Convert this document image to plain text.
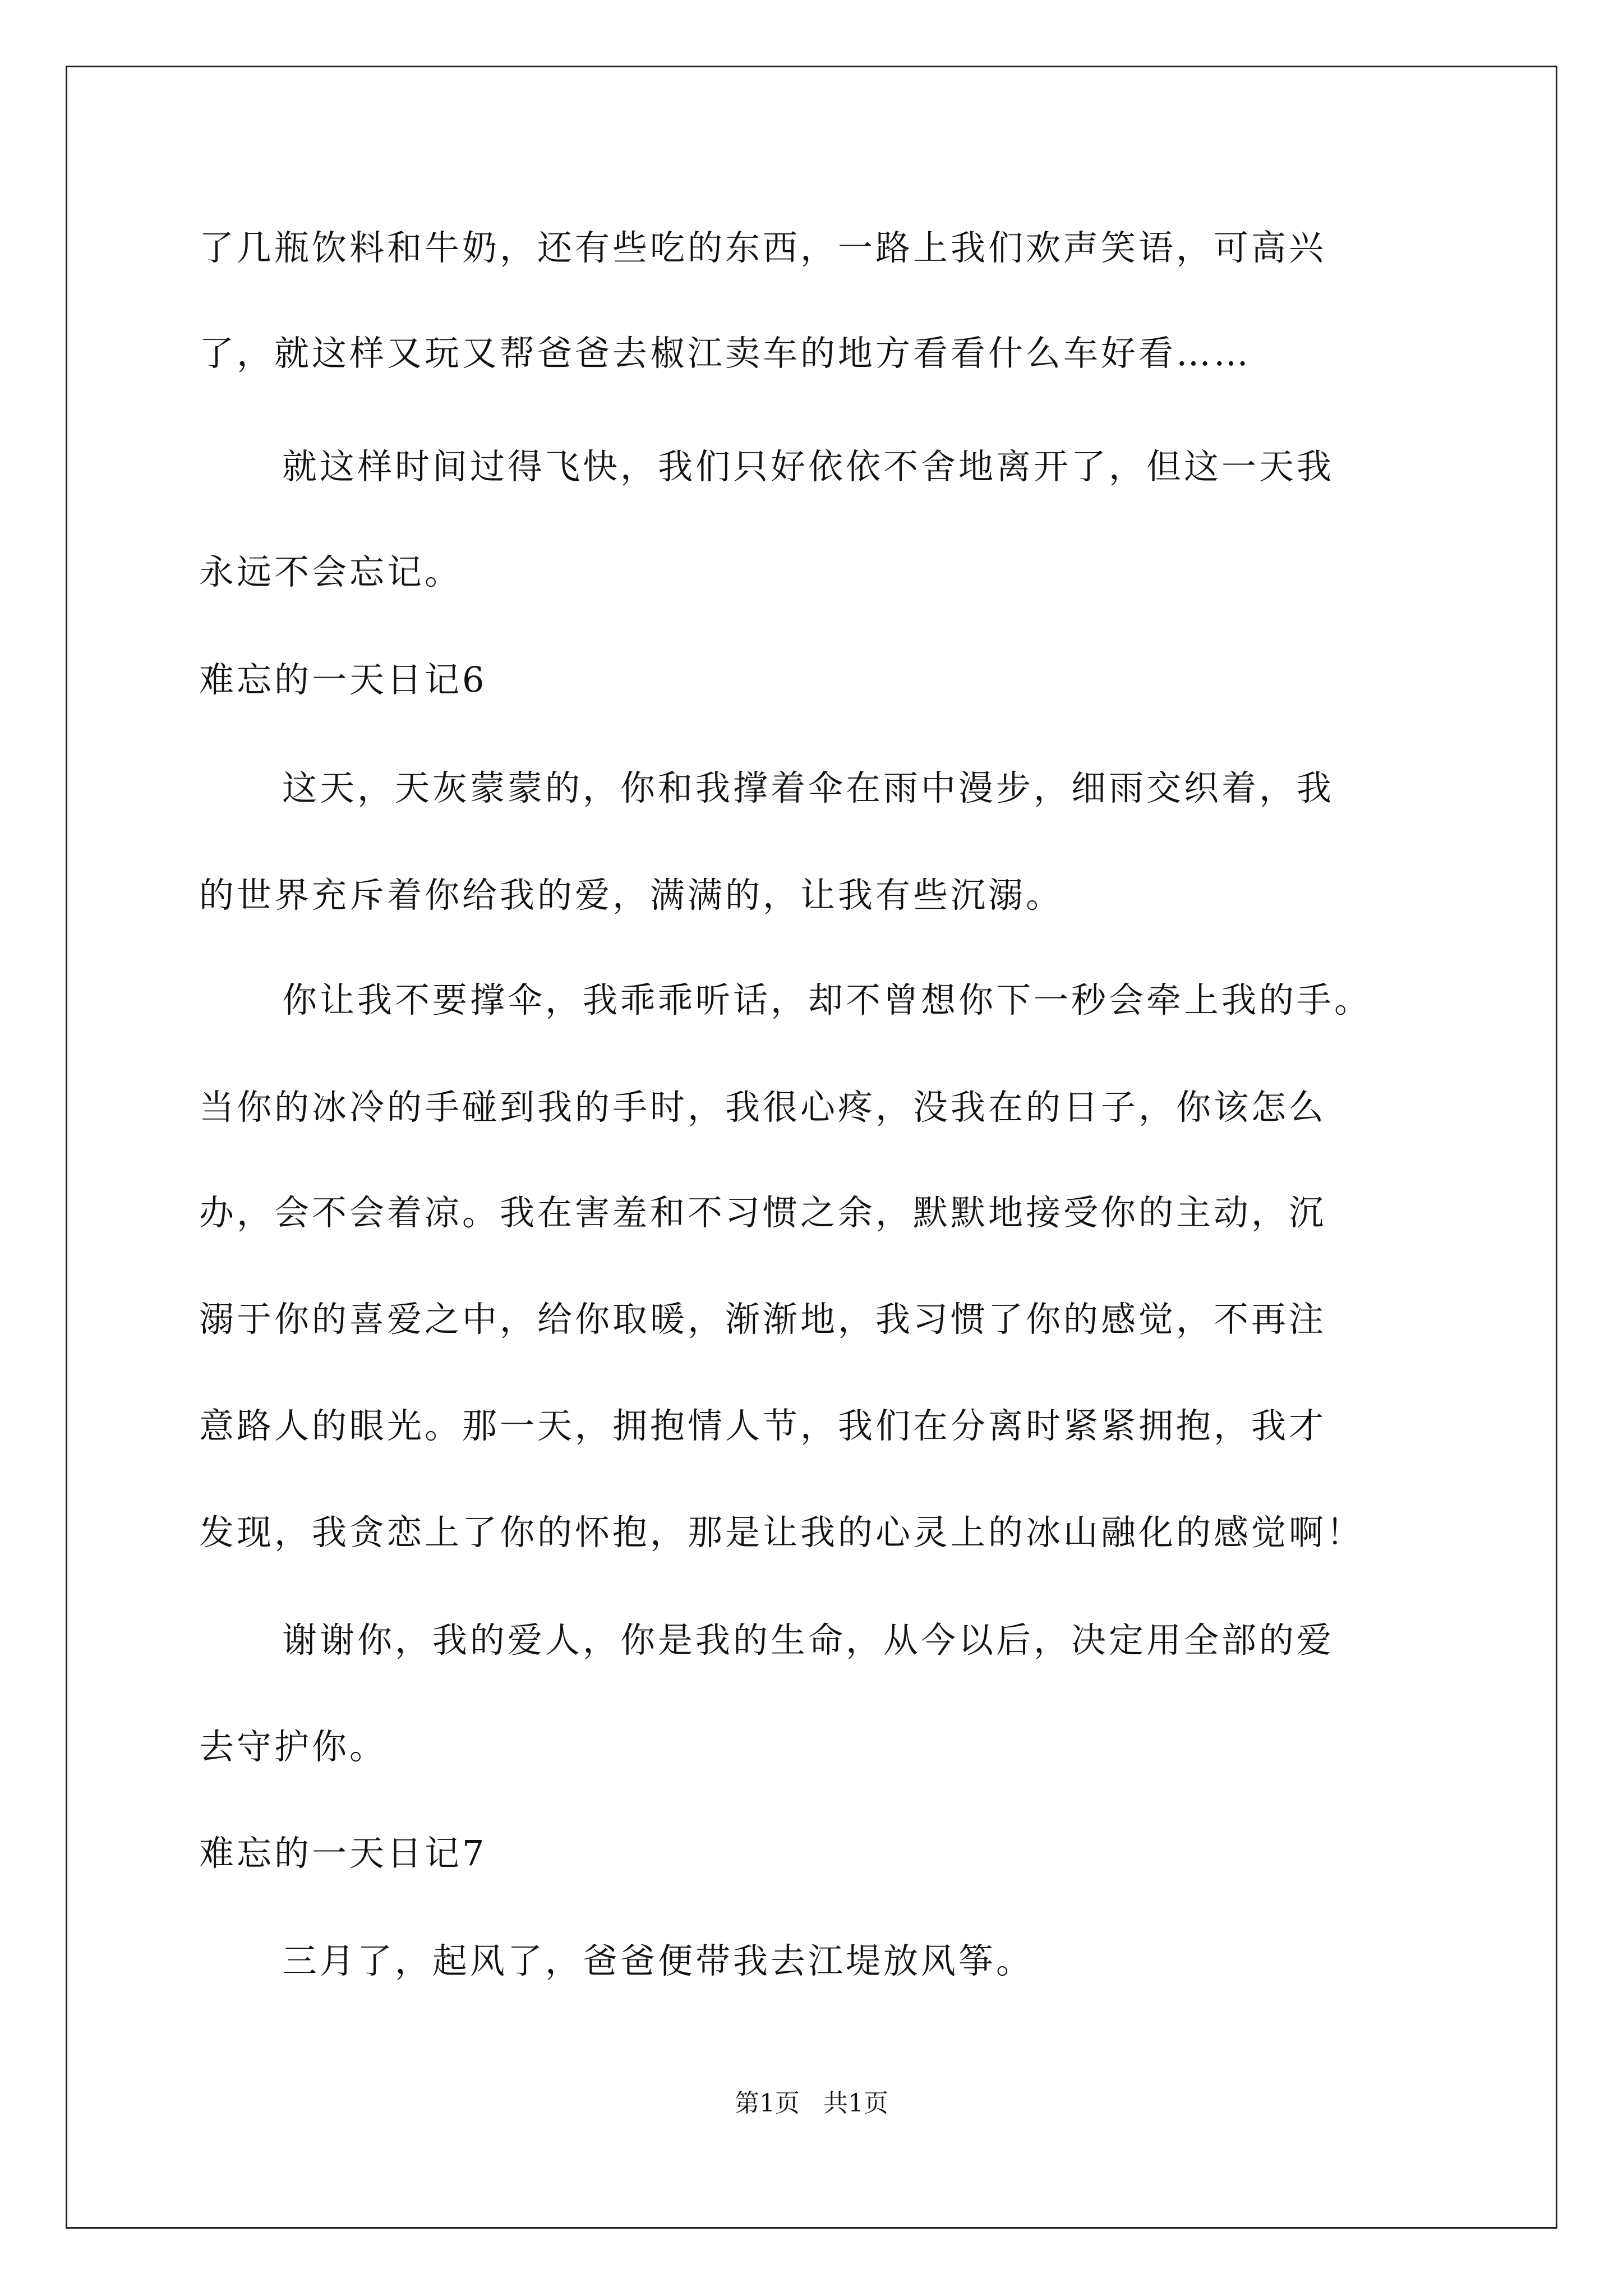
了几瓶饮料和牛奶，还有些吃的东西，一路上我们欢声笑语，可高兴

了，就这样又玩又帮爸爸去椒江卖车的地方看看什么车好看……

就这样时间过得飞快，我们只好依依不舍地离开了，但这一天我

永远不会忘记。

难忘的一天日记6

这天，天灰蒙蒙的，你和我撑着伞在雨中漫步，细雨交织着，我

的世界充斥着你给我的爱，满满的，让我有些沉溺。

你让我不要撑伞，我乖乖听话，却不曾想你下一秒会牵上我的手。

当你的冰冷的手碰到我的手时，我很心疼，没我在的日子，你该怎么

办，会不会着凉。我在害羞和不习惯之余，默默地接受你的主动，沉

溺于你的喜爱之中，给你取暖，渐渐地，我习惯了你的感觉，不再注

意路人的眼光。那一天，拥抱情人节，我们在分离时紧紧拥抱，我才

发现，我贪恋上了你的怀抱，那是让我的心灵上的冰山融化的感觉啊！

谢谢你，我的爱人，你是我的生命，从今以后，决定用全部的爱

去守护你。

难忘的一天日记7

三月了，起风了，爸爸便带我去江堤放风筝。

第1页   共1页
